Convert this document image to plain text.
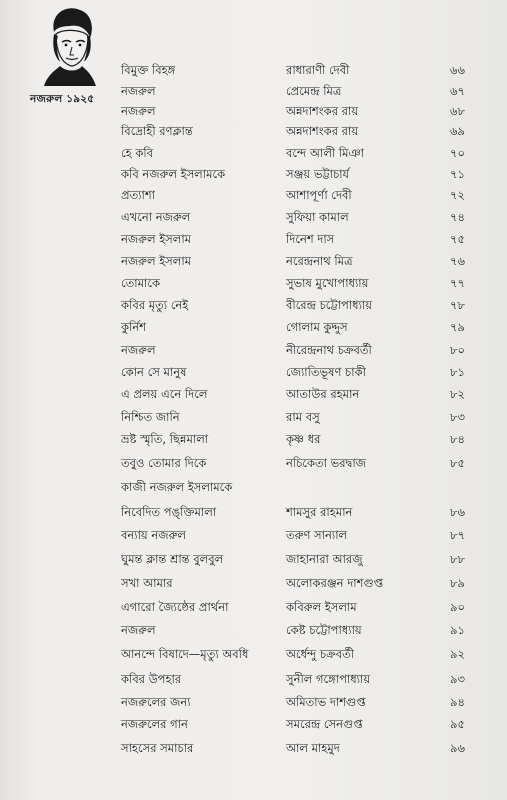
নজরুল ১৯২৫
বিমুক্ত বিহঙ্গ	রাধারাণী দেবী	৬৬
নজরুল	প্রেমেন্দ্র মিত্র	৬৭
নজরুল	অন্নদাশংকর রায়	৬৮
বিদ্রোহী রণক্লান্ত	অন্নদাশংকর রায়	৬৯
হে কবি	বন্দে আলী মিঞা	৭০
কবি নজরুল ইসলামকে	সঞ্জয় ভট্টাচার্য	৭১
প্রত্যাশা	আশাপূর্ণা দেবী	৭২
এখনো নজরুল	সুফিয়া কামাল	৭৪
নজরুল ইসলাম	দিনেশ দাস	৭৫
নজরুল ইসলাম	নরেন্দ্রনাথ মিত্র	৭৬
তোমাকে	সুভাষ মুখোপাধ্যায়	৭৭
কবির মৃত্যু নেই	বীরেন্দ্র চট্টোপাধ্যায়	৭৮
কুর্নিশ	গোলাম কুদ্দুস	৭৯
নজরুল	নীরেন্দ্রনাথ চক্রবর্তী	৮০
কোন সে মানুষ	জ্যোতিভূষণ চাকী	৮১
এ প্রলয় এনে দিলে	আতাউর রহমান	৮২
নিশ্চিত জানি	রাম বসু	৮৩
ভ্রষ্ট স্মৃতি, ছিন্নমালা	কৃষ্ণ ধর	৮৪
তবুও তোমার দিকে	নচিকেতা ভরদ্বাজ	৮৫
কাজী নজরুল ইসলামকে
নিবেদিত পঙ্‌ক্তিমালা	শামসুর রাহমান	৮৬
বন্যায় নজরুল	তরুণ সান্যাল	৮৭
ঘুমন্ত ক্লান্ত শ্রান্ত বুলবুল	জাহানারা আরজু	৮৮
সখা আমার	অলোকরঞ্জন দাশগুপ্ত	৮৯
এগারো জ্যৈষ্ঠের প্রার্থনা	কবিরুল ইসলাম	৯০
নজরুল	কেষ্ট চট্টোপাধ্যায়	৯১
আনন্দে বিষাদে—মৃত্যু অবধি	অর্ধেন্দু চক্রবর্তী	৯২
কবির উপহার	সুনীল গঙ্গোপাধ্যায়	৯৩
নজরুলের জন্য	অমিতাভ দাশগুপ্ত	৯৪
নজরুলের গান	সমরেন্দ্র সেনগুপ্ত	৯৫
সাহসের সমাচার	আল মাহমুদ	৯৬
